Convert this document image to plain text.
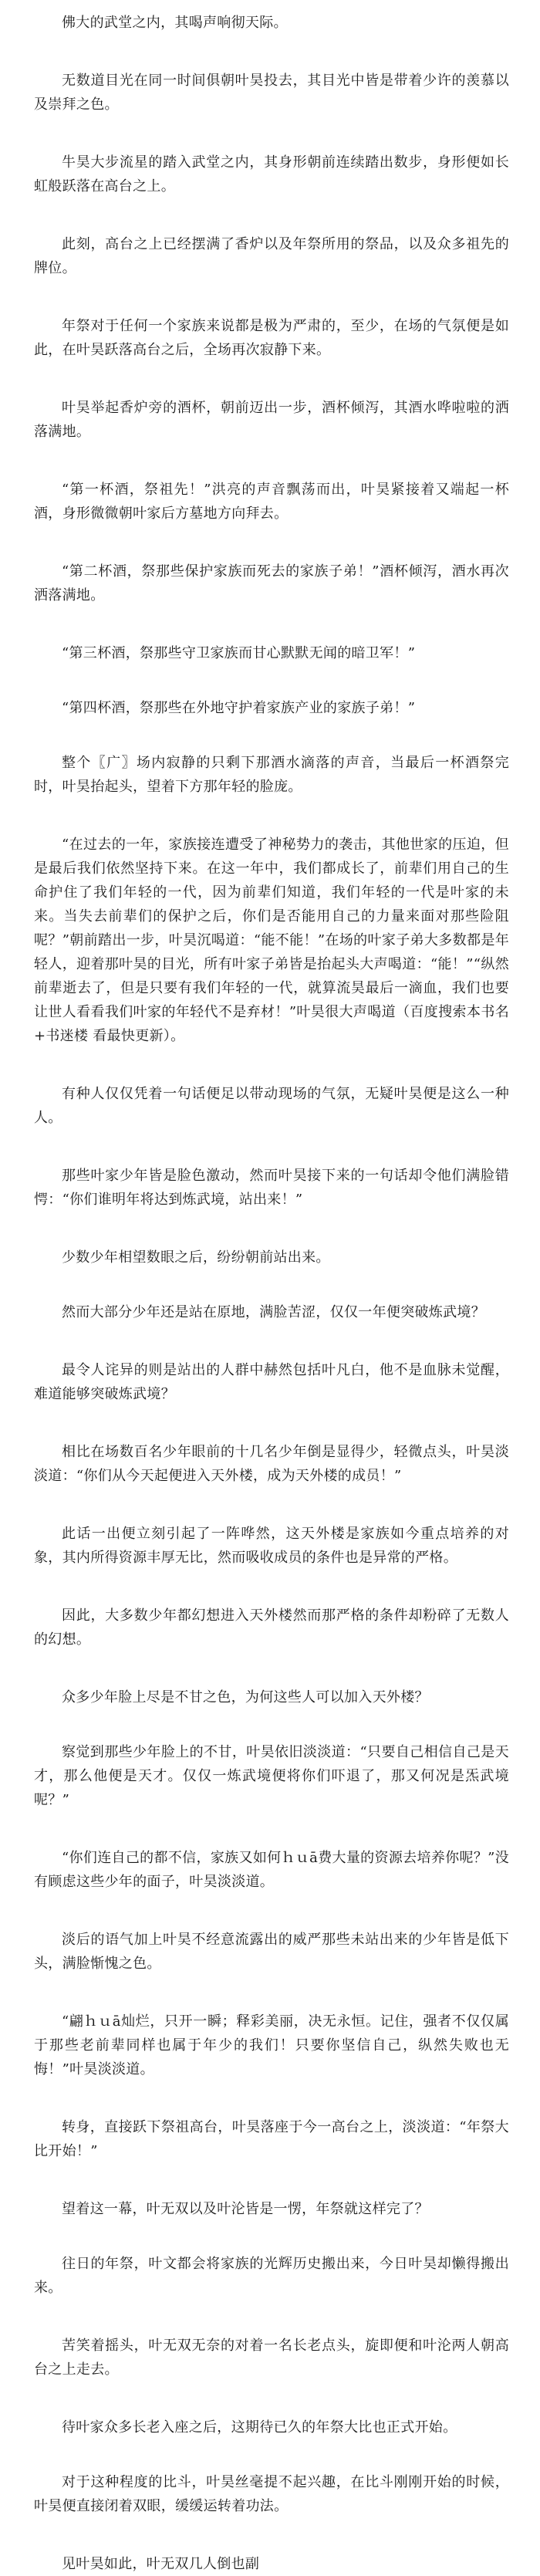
佛大的武堂之内，其喝声响彻天际。

无数道目光在同一时间俱朝叶昊投去，其目光中皆是带着少许的羡慕以及崇拜之色。

牛昊大步流星的踏入武堂之内，其身形朝前连续踏出数步，身形便如长虹般跃落在高台之上。

此刻，高台之上已经摆满了香炉以及年祭所用的祭品，以及众多祖先的牌位。

年祭对于任何一个家族来说都是极为严肃的，至少，在场的气氛便是如此，在叶昊跃落高台之后，全场再次寂静下来。

叶昊举起香炉旁的酒杯，朝前迈出一步，酒杯倾泻，其酒水哗啦啦的洒落满地。

“第一杯酒，祭祖先！”洪亮的声音飘荡而出，叶昊紧接着又端起一杯酒，身形微微朝叶家后方墓地方向拜去。

“第二杯酒，祭那些保护家族而死去的家族子弟！”酒杯倾泻，酒水再次洒落满地。

“第三杯酒，祭那些守卫家族而甘心默默无闻的暗卫军！”

“第四杯酒，祭那些在外地守护着家族产业的家族子弟！”

整个〖广〗场内寂静的只剩下那酒水滴落的声音，当最后一杯酒祭完时，叶昊抬起头，望着下方那年轻的脸庞。

“在过去的一年，家族接连遭受了神秘势力的袭击，其他世家的压迫，但是最后我们依然坚持下来。在这一年中，我们都成长了，前辈们用自己的生命护住了我们年轻的一代，因为前辈们知道，我们年轻的一代是叶家的未来。当失去前辈们的保护之后，你们是否能用自己的力量来面对那些险阻呢？”朝前踏出一步，叶昊沉喝道：“能不能！”在场的叶家子弟大多数都是年轻人，迎着那叶昊的目光，所有叶家子弟皆是抬起头大声喝道：“能！”“纵然前辈逝去了，但是只要有我们年轻的一代，就算流昊最后一滴血，我们也要让世人看看我们叶家的年轻代不是弃材！”叶昊很大声喝道（百度搜索本书名+书迷楼 看最快更新）。

有种人仅仅凭着一句话便足以带动现场的气氛，无疑叶昊便是这么一种人。

那些叶家少年皆是脸色激动，然而叶昊接下来的一句话却令他们满脸错愕：“你们谁明年将达到炼武境，站出来！”

少数少年相望数眼之后，纷纷朝前站出来。

然而大部分少年还是站在原地，满脸苦涩，仅仅一年便突破炼武境？

最令人诧异的则是站出的人群中赫然包括叶凡白，他不是血脉未觉醒，难道能够突破炼武境？

相比在场数百名少年眼前的十几名少年倒是显得少，轻微点头，叶昊淡淡道：“你们从今天起便进入天外楼，成为天外楼的成员！”

此话一出便立刻引起了一阵哗然，这天外楼是家族如今重点培养的对象，其内所得资源丰厚无比，然而吸收成员的条件也是异常的严格。

因此，大多数少年都幻想进入天外楼然而那严格的条件却粉碎了无数人的幻想。

众多少年脸上尽是不甘之色，为何这些人可以加入天外楼？

察觉到那些少年脸上的不甘，叶昊依旧淡淡道：“只要自己相信自己是天才，那么他便是天才。仅仅一炼武境便将你们吓退了，那又何况是炁武境呢？”

“你们连自己的都不信，家族又如何ｈｕā费大量的资源去培养你呢？”没有顾虑这些少年的面子，叶昊淡淡道。

淡后的语气加上叶昊不经意流露出的威严那些未站出来的少年皆是低下头，满脸惭愧之色。

“翩ｈｕā灿烂，只开一瞬；释彩美丽，决无永恒。记住，强者不仅仅属于那些老前辈同样也属于年少的我们！只要你坚信自己，纵然失败也无悔！”叶昊淡淡道。

转身，直接跃下祭祖高台，叶昊落座于今一高台之上，淡淡道：“年祭大比开始！”

望着这一幕，叶无双以及叶沦皆是一愣，年祭就这样完了？

往日的年祭，叶文都会将家族的光辉历史搬出来，今日叶昊却懒得搬出来。

苦笑着摇头，叶无双无奈的对着一名长老点头，旋即便和叶沦两人朝高台之上走去。

待叶家众多长老入座之后，这期待已久的年祭大比也正式开始。

对于这种程度的比斗，叶昊丝毫提不起兴趣，在比斗刚刚开始的时候，叶昊便直接闭着双眼，缓缓运转着功法。

见叶昊如此，叶无双几人倒也副
